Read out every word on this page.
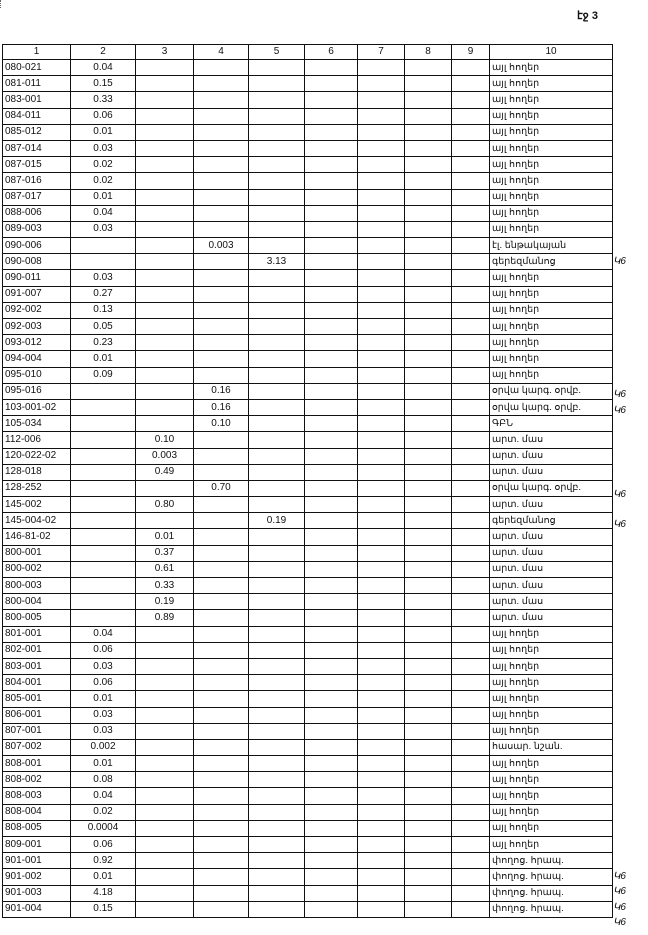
էջ 3
1	2	3	4	5	6	7	8	9	10
080-021	0.04								այլ հողեր
081-011	0.15								այլ հողեր
083-001	0.33								այլ հողեր
084-011	0.06								այլ հողեր
085-012	0.01								այլ հողեր
087-014	0.03								այլ հողեր
087-015	0.02								այլ հողեր
087-016	0.02								այլ հողեր
087-017	0.01								այլ հողեր
088-006	0.04								այլ հողեր
089-003	0.03								այլ հողեր
090-006			0.003						էլ. ենթակայան
090-008				3.13					գերեզմանոց
090-011	0.03								այլ հողեր
091-007	0.27								այլ հողեր
092-002	0.13								այլ հողեր
092-003	0.05								այլ հողեր
093-012	0.23								այլ հողեր
094-004	0.01								այլ հողեր
095-010	0.09								այլ հողեր
095-016			0.16						օրվա կարգ. օրվբ.
103-001-02			0.16						օրվա կարգ. օրվբ.
105-034			0.10						ԳԲՆ
112-006		0.10							արտ. մաս
120-022-02		0.003							արտ. մաս
128-018		0.49							արտ. մաս
128-252			0.70						օրվա կարգ. օրվբ.
145-002		0.80							արտ. մաս
145-004-02				0.19					գերեզմանոց
146-81-02		0.01							արտ. մաս
800-001		0.37							արտ. մաս
800-002		0.61							արտ. մաս
800-003		0.33							արտ. մաս
800-004		0.19							արտ. մաս
800-005		0.89							արտ. մաս
801-001	0.04								այլ հողեր
802-001	0.06								այլ հողեր
803-001	0.03								այլ հողեր
804-001	0.06								այլ հողեր
805-001	0.01								այլ հողեր
806-001	0.03								այլ հողեր
807-001	0.03								այլ հողեր
807-002	0.002								հասար. նշան.
808-001	0.01								այլ հողեր
808-002	0.08								այլ հողեր
808-003	0.04								այլ հողեր
808-004	0.02								այլ հողեր
808-005	0.0004								այլ հողեր
809-001	0.06								այլ հողեր
901-001	0.92								փողոց. հրապ.
901-002	0.01								փողոց. հրապ.
901-003	4.18								փողոց. հրապ.
901-004	0.15								փողոց. հրապ.
Կ6
Կ6
Կ6
Կ6
Կ6
Կ6
Կ6
Կ6
Կ6
